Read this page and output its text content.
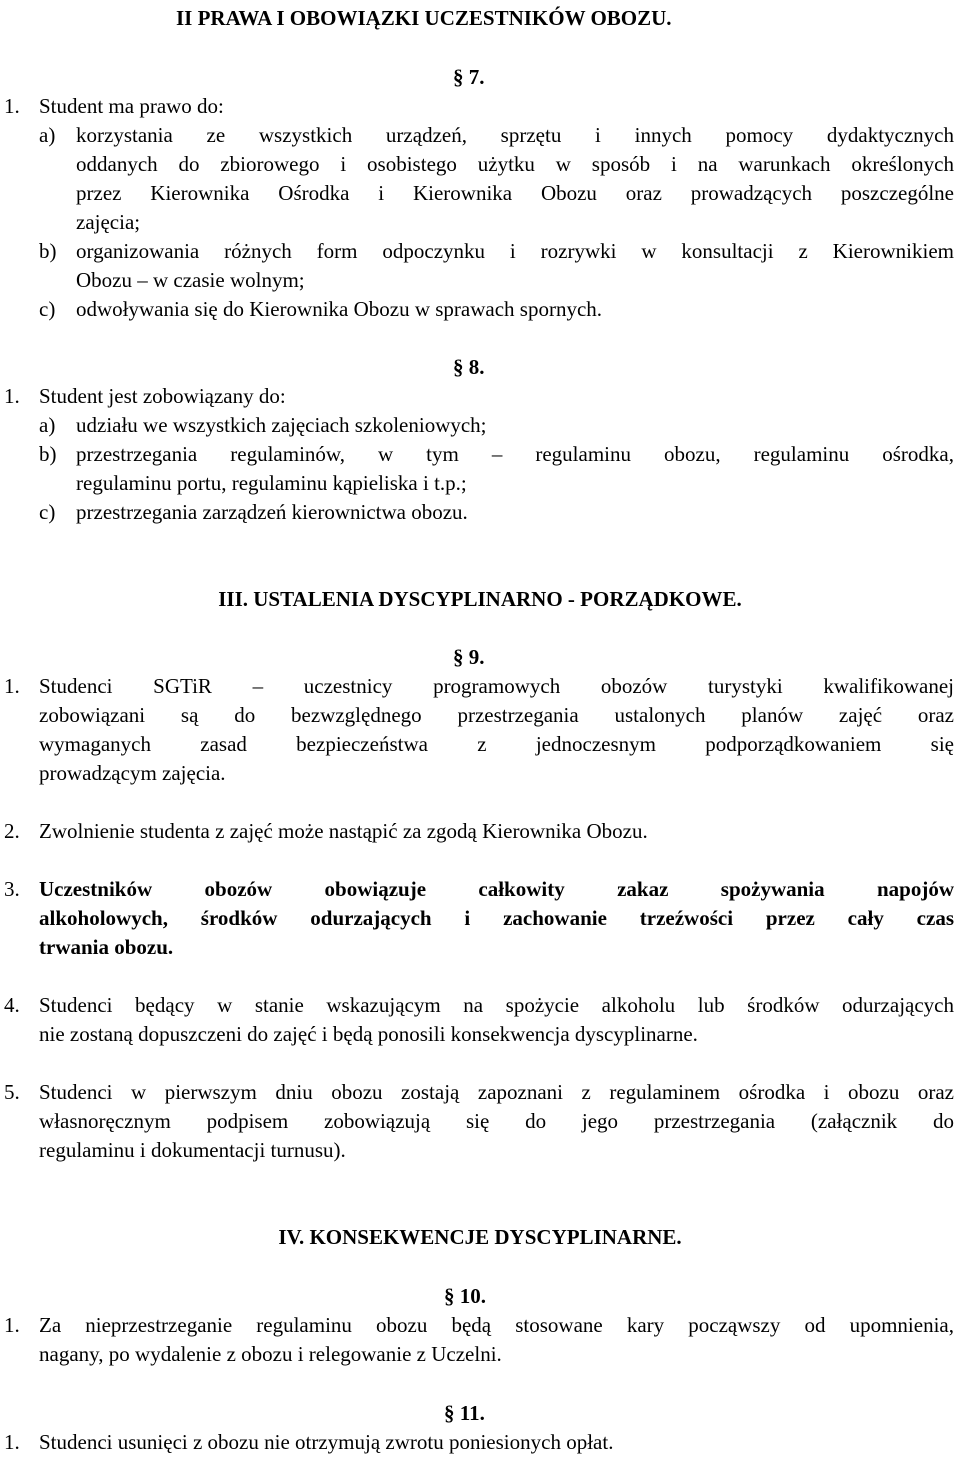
II PRAWA I OBOWIĄZKI UCZESTNIKÓW OBOZU.
§ 7.
1. Student ma prawo do:
a) korzystania ze wszystkich urządzeń, sprzętu i innych pomocy dydaktycznych
oddanych do zbiorowego i osobistego użytku w sposób i na warunkach określonych
przez Kierownika Ośrodka i Kierownika Obozu oraz prowadzących poszczególne
zajęcia;
b) organizowania różnych form odpoczynku i rozrywki w konsultacji z Kierownikiem
Obozu – w czasie wolnym;
c) odwoływania się do Kierownika Obozu w sprawach spornych.
§ 8.
1. Student jest zobowiązany do:
a) udziału we wszystkich zajęciach szkoleniowych;
b) przestrzegania regulaminów, w tym – regulaminu obozu, regulaminu ośrodka,
regulaminu portu, regulaminu kąpieliska i t.p.;
c) przestrzegania zarządzeń kierownictwa obozu.
III. USTALENIA DYSCYPLINARNO - PORZĄDKOWE.
§ 9.
1. Studenci SGTiR – uczestnicy programowych obozów turystyki kwalifikowanej
zobowiązani są do bezwzględnego przestrzegania ustalonych planów zajęć oraz
wymaganych zasad bezpieczeństwa z jednoczesnym podporządkowaniem się
prowadzącym zajęcia.
2. Zwolnienie studenta z zajęć może nastąpić za zgodą Kierownika Obozu.
3. Uczestników obozów obowiązuje całkowity zakaz spożywania napojów
alkoholowych, środków odurzających i zachowanie trzeźwości przez cały czas
trwania obozu.
4. Studenci będący w stanie wskazującym na spożycie alkoholu lub środków odurzających
nie zostaną dopuszczeni do zajęć i będą ponosili konsekwencja dyscyplinarne.
5. Studenci w pierwszym dniu obozu zostają zapoznani z regulaminem ośrodka i obozu oraz
własnoręcznym podpisem zobowiązują się do jego przestrzegania (załącznik do
regulaminu i dokumentacji turnusu).
IV. KONSEKWENCJE DYSCYPLINARNE.
§ 10.
1. Za nieprzestrzeganie regulaminu obozu będą stosowane kary począwszy od upomnienia,
nagany, po wydalenie z obozu i relegowanie z Uczelni.
§ 11.
1. Studenci usunięci z obozu nie otrzymują zwrotu poniesionych opłat.
